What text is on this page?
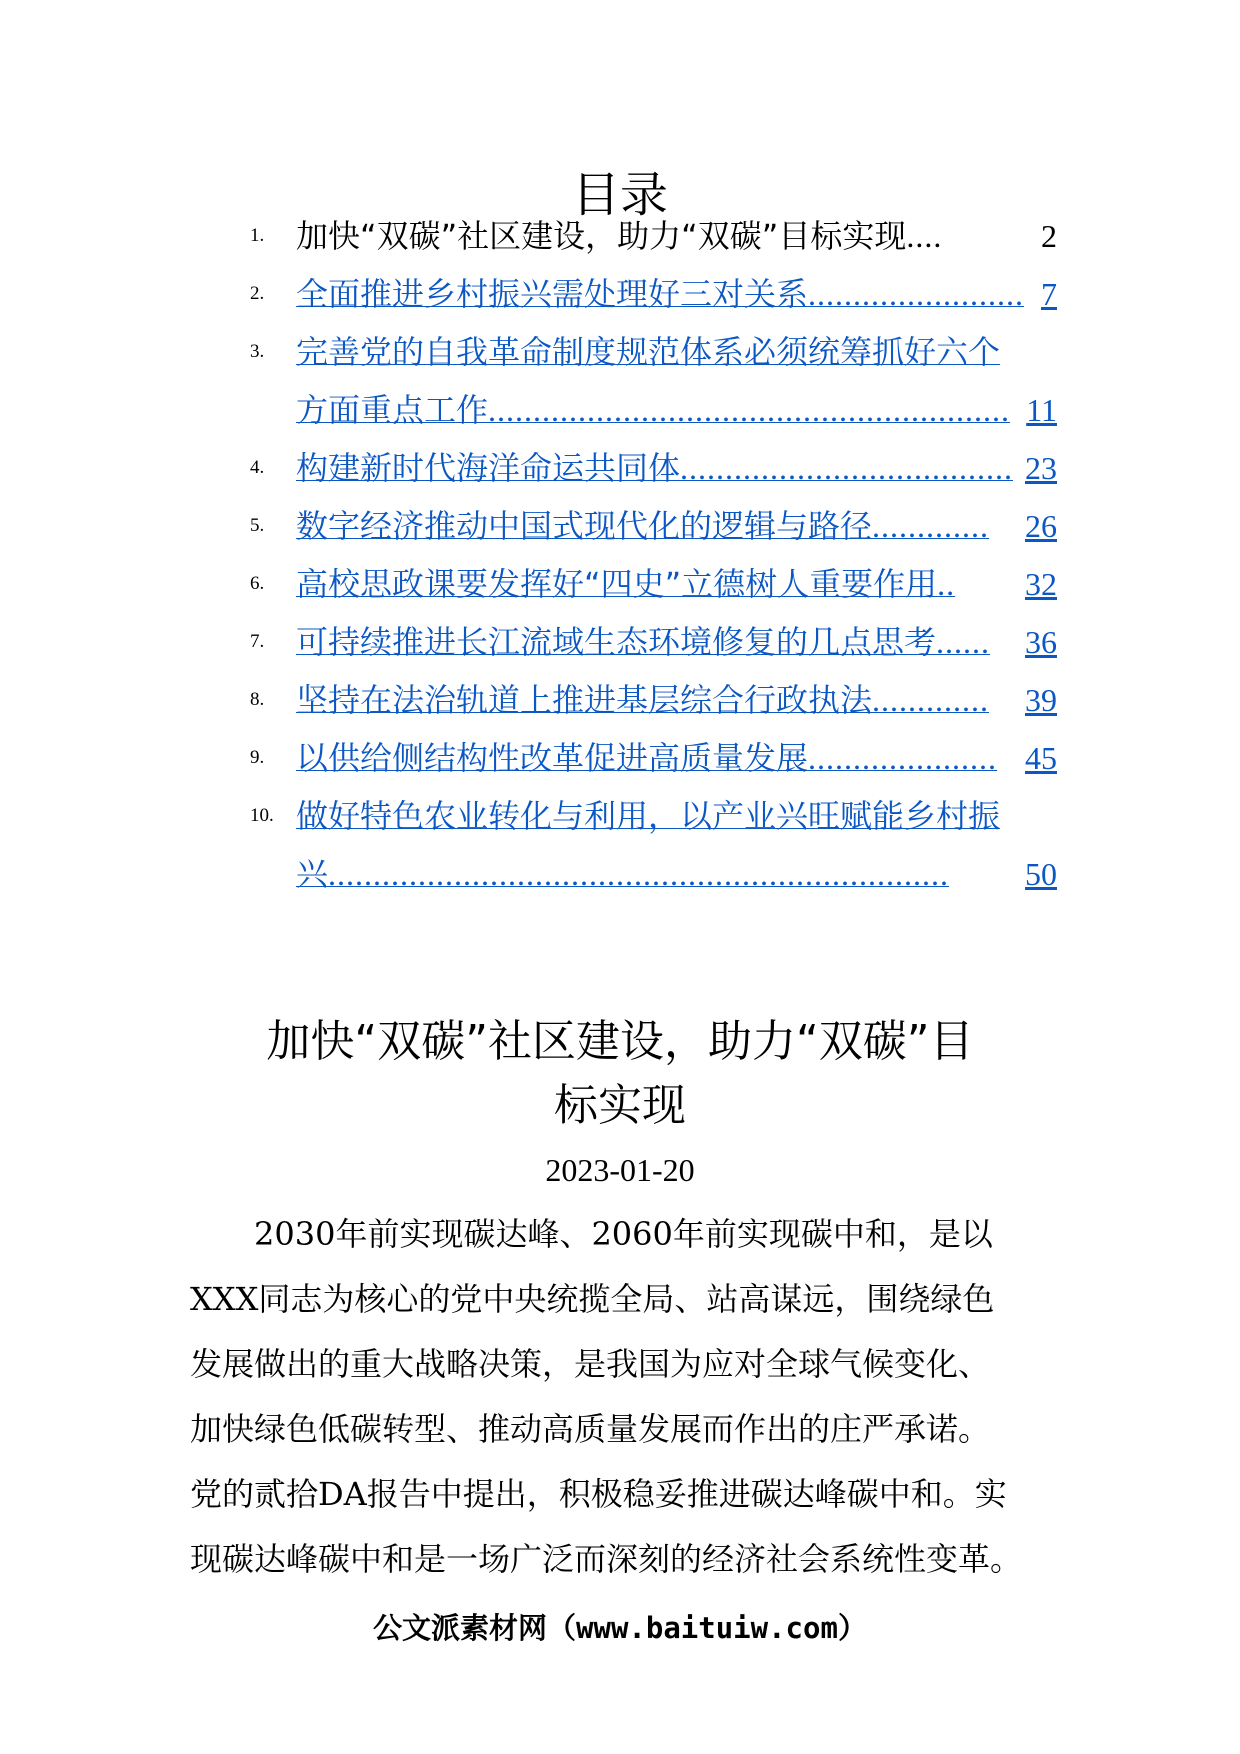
目录
1. 加快“双碳”社区建设，助力“双碳”目标实现....	2
2. 全面推进乡村振兴需处理好三对关系........................ 7
3. 完善党的自我革命制度规范体系必须统筹抓好六个
方面重点工作.......................................................... 11
4. 构建新时代海洋命运共同体..................................... 23
5. 数字经济推动中国式现代化的逻辑与路径............. 26
6. 高校思政课要发挥好“四史”立德树人重要作用.. 32
7. 可持续推进长江流域生态环境修复的几点思考...... 36
8. 坚持在法治轨道上推进基层综合行政执法............. 39
9. 以供给侧结构性改革促进高质量发展..................... 45
10. 做好特色农业转化与利用，以产业兴旺赋能乡村振
兴..................................................................... 50
加快“双碳”社区建设，助力“双碳”目
标实现
2023-01-20
2030年前实现碳达峰、2060年前实现碳中和，是以
XXX同志为核心的党中央统揽全局、站高谋远，围绕绿色
发展做出的重大战略决策，是我国为应对全球气候变化、
加快绿色低碳转型、推动高质量发展而作出的庄严承诺。
党的贰拾DA报告中提出，积极稳妥推进碳达峰碳中和。实
现碳达峰碳中和是一场广泛而深刻的经济社会系统性变革。
公文派素材网（www.baituiw.com）
